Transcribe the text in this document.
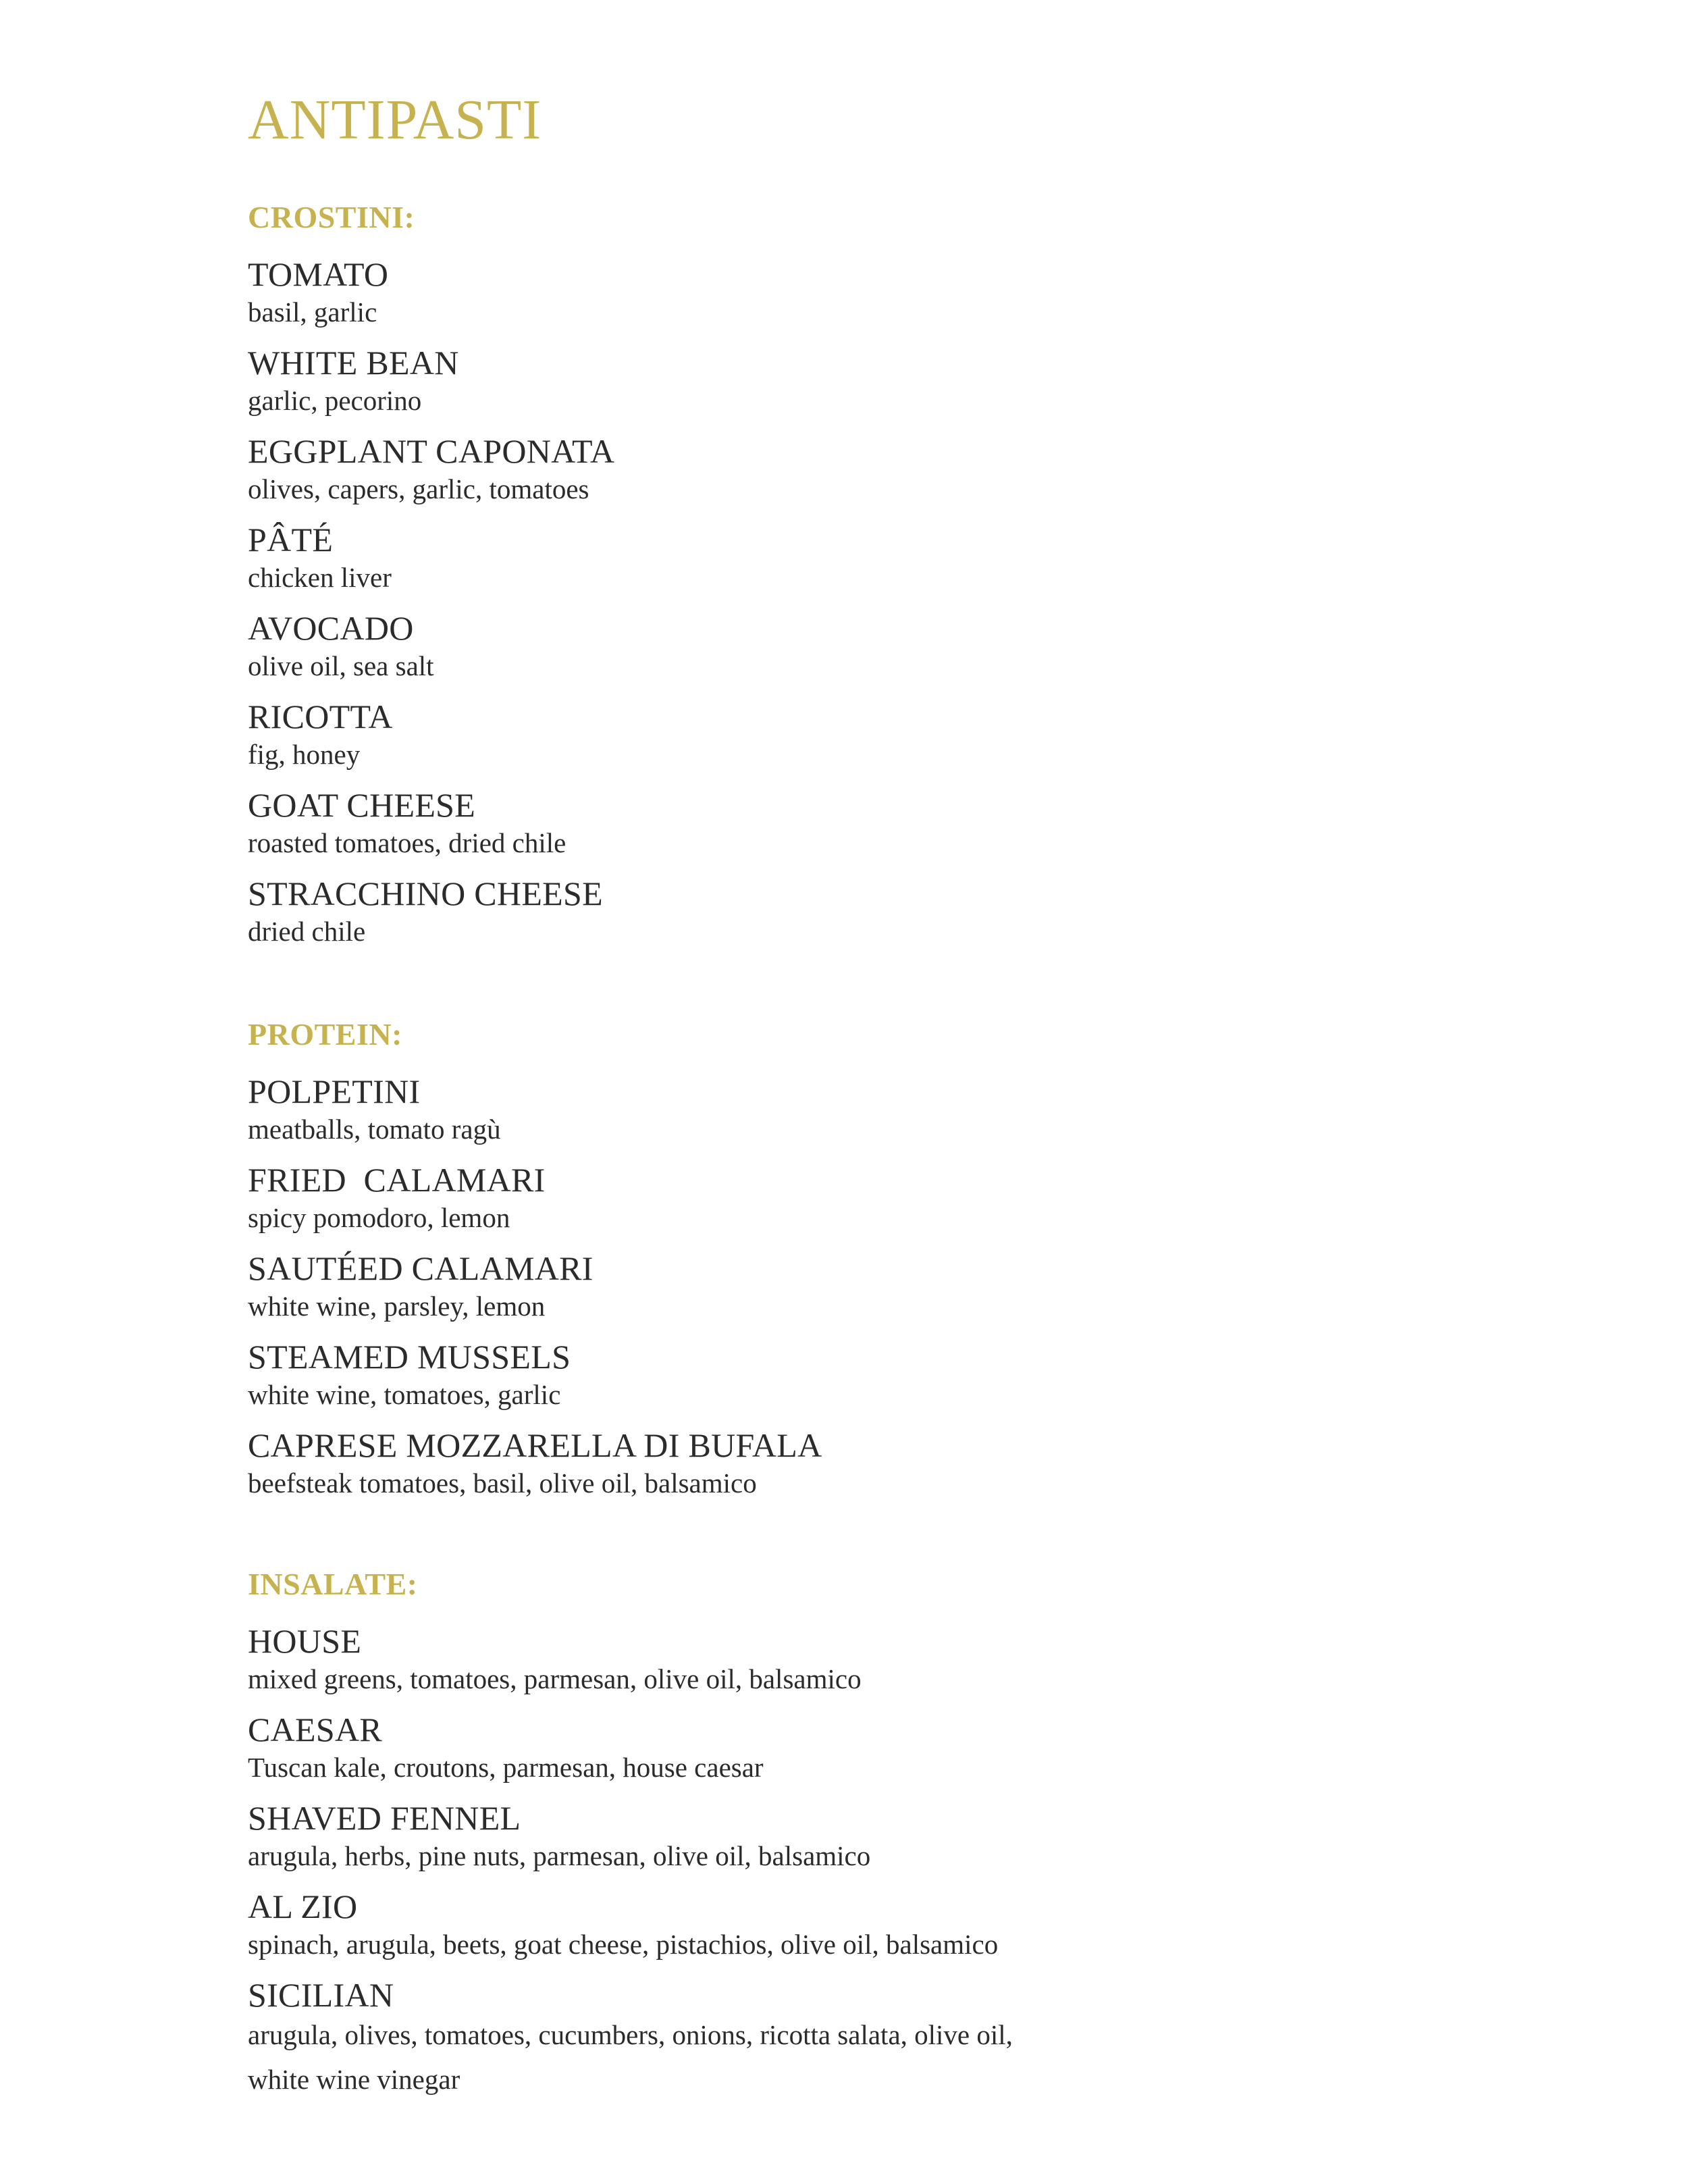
ANTIPASTI
CROSTINI:
TOMATO
basil, garlic
WHITE BEAN
garlic, pecorino
EGGPLANT CAPONATA
olives, capers, garlic, tomatoes
PÂTÉ
chicken liver
AVOCADO
olive oil, sea salt
RICOTTA
fig, honey
GOAT CHEESE
roasted tomatoes, dried chile
STRACCHINO CHEESE
dried chile
PROTEIN:
POLPETINI
meatballs, tomato ragù
FRIED  CALAMARI
spicy pomodoro, lemon
SAUTÉED CALAMARI
white wine, parsley, lemon
STEAMED MUSSELS
white wine, tomatoes, garlic
CAPRESE MOZZARELLA DI BUFALA
beefsteak tomatoes, basil, olive oil, balsamico
INSALATE:
HOUSE
mixed greens, tomatoes, parmesan, olive oil, balsamico
CAESAR
Tuscan kale, croutons, parmesan, house caesar
SHAVED FENNEL
arugula, herbs, pine nuts, parmesan, olive oil, balsamico
AL ZIO
spinach, arugula, beets, goat cheese, pistachios, olive oil, balsamico
SICILIAN
arugula, olives, tomatoes, cucumbers, onions, ricotta salata, olive oil, white wine vinegar
